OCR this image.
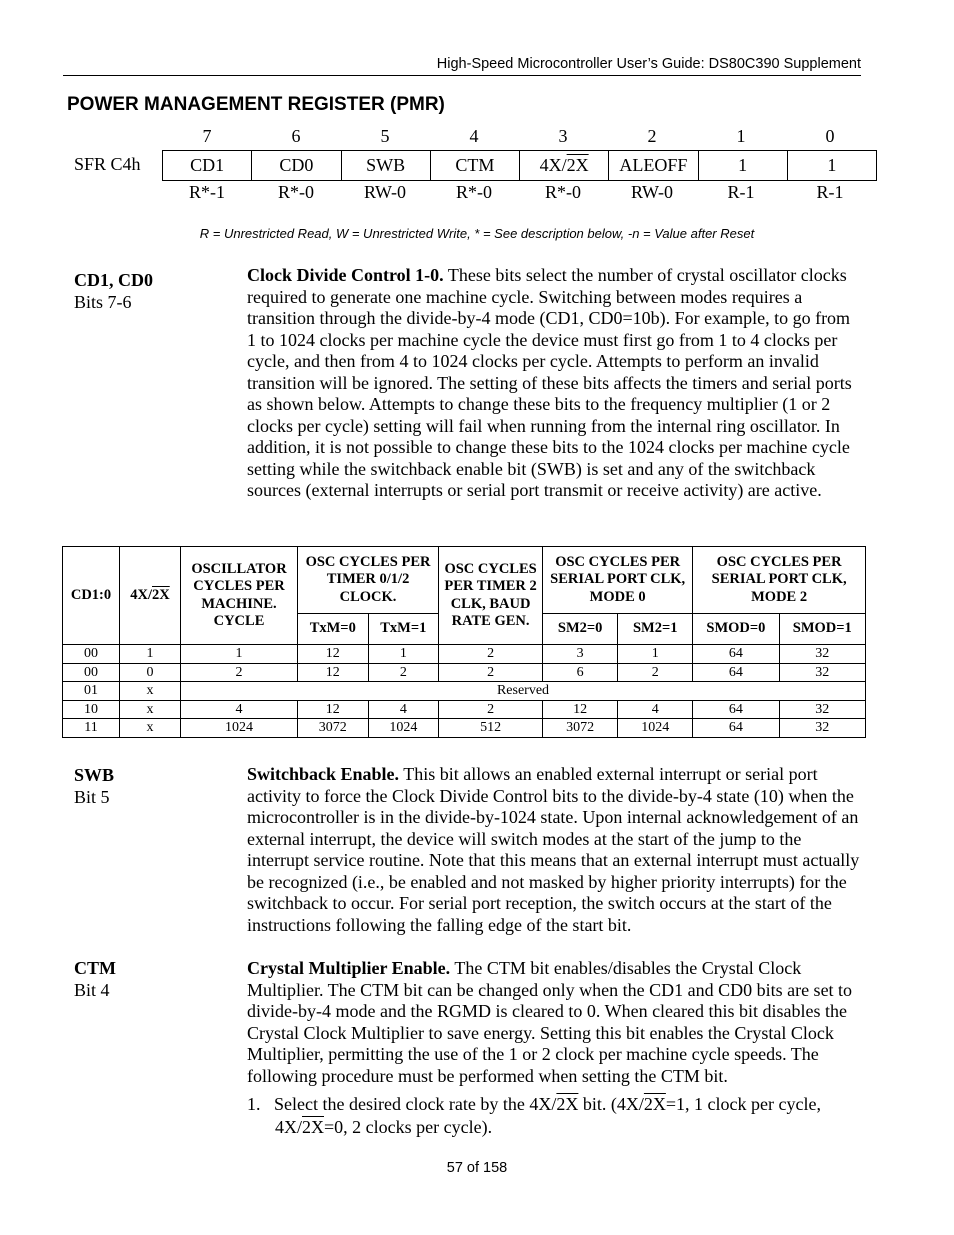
High-Speed Microcontroller User’s Guide: DS80C390 Supplement
POWER MANAGEMENT REGISTER (PMR)
7	6	5	4	3	2	1	0
SFR C4h	CD1	CD0	SWB	CTM	4X/2X	ALEOFF	1	1
R*-1	R*-0	RW-0	R*-0	R*-0	RW-0	R-1	R-1
R = Unrestricted Read, W = Unrestricted Write, * = See description below, -n = Value after Reset
CD1, CD0
Bits 7-6
Clock Divide Control 1-0. These bits select the number of crystal oscillator clocks required to generate one machine cycle. Switching between modes requires a transition through the divide-by-4 mode (CD1, CD0=10b). For example, to go from 1 to 1024 clocks per machine cycle the device must first go from 1 to 4 clocks per cycle, and then from 4 to 1024 clocks per cycle. Attempts to perform an invalid transition will be ignored. The setting of these bits affects the timers and serial ports as shown below. Attempts to change these bits to the frequency multiplier (1 or 2 clocks per cycle) setting will fail when running from the internal ring oscillator. In addition, it is not possible to change these bits to the 1024 clocks per machine cycle setting while the switchback enable bit (SWB) is set and any of the switchback sources (external interrupts or serial port transmit or receive activity) are active.
CD1:0	4X/2X	OSCILLATOR CYCLES PER MACHINE. CYCLE	OSC CYCLES PER TIMER 0/1/2 CLOCK.		OSC CYCLES PER TIMER 2 CLK, BAUD RATE GEN.	OSC CYCLES PER SERIAL PORT CLK, MODE 0		OSC CYCLES PER SERIAL PORT CLK, MODE 2	
			TxM=0	TxM=1		SM2=0	SM2=1	SMOD=0	SMOD=1
00	1	1	12	1	2	3	1	64	32
00	0	2	12	2	2	6	2	64	32
01	x	Reserved							
10	x	4	12	4	2	12	4	64	32
11	x	1024	3072	1024	512	3072	1024	64	32
SWB
Bit 5
Switchback Enable. This bit allows an enabled external interrupt or serial port activity to force the Clock Divide Control bits to the divide-by-4 state (10) when the microcontroller is in the divide-by-1024 state. Upon internal acknowledgement of an external interrupt, the device will switch modes at the start of the jump to the interrupt service routine. Note that this means that an external interrupt must actually be recognized (i.e., be enabled and not masked by higher priority interrupts) for the switchback to occur. For serial port reception, the switch occurs at the start of the instructions following the falling edge of the start bit.
CTM
Bit 4
Crystal Multiplier Enable. The CTM bit enables/disables the Crystal Clock Multiplier. The CTM bit can be changed only when the CD1 and CD0 bits are set to divide-by-4 mode and the RGMD is cleared to 0. When cleared this bit disables the Crystal Clock Multiplier to save energy. Setting this bit enables the Crystal Clock Multiplier, permitting the use of the 1 or 2 clock per machine cycle speeds. The following procedure must be performed when setting the CTM bit.
1. Select the desired clock rate by the 4X/2X bit. (4X/2X=1, 1 clock per cycle,
4X/2X=0, 2 clocks per cycle).
57 of 158
